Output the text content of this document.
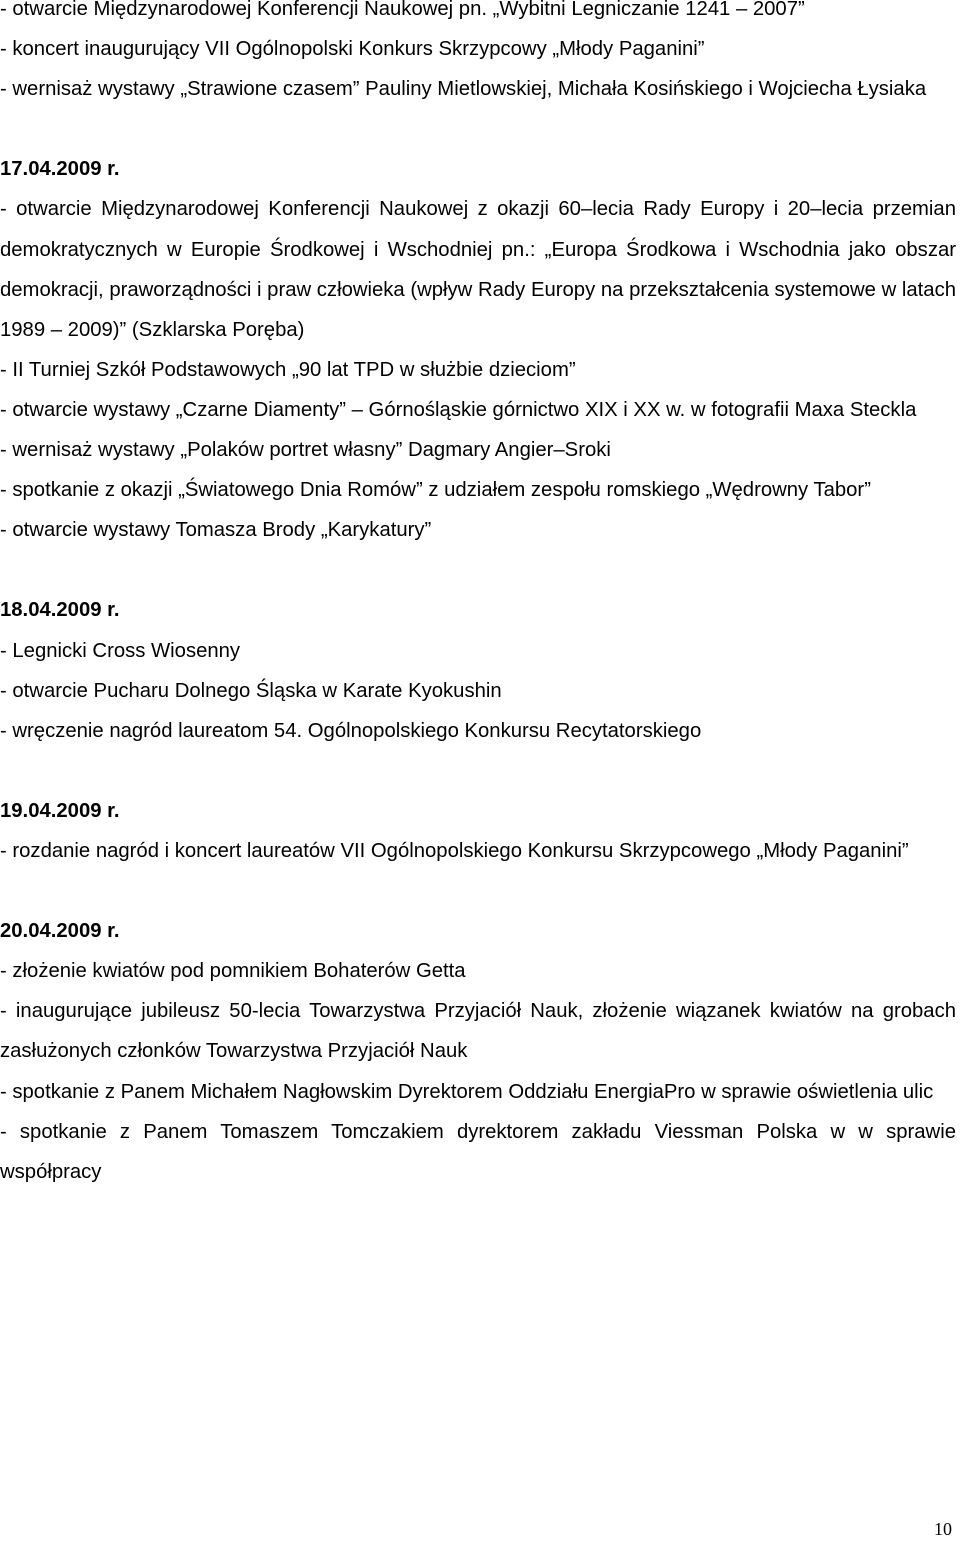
- otwarcie Międzynarodowej Konferencji Naukowej pn. „Wybitni Legniczanie 1241 – 2007”

- koncert inaugurujący VII Ogólnopolski Konkurs Skrzypcowy „Młody Paganini”

- wernisaż wystawy „Strawione czasem” Pauliny Mietlowskiej, Michała Kosińskiego i Wojciecha Łysiaka

17.04.2009 r.

- otwarcie Międzynarodowej Konferencji Naukowej z okazji 60–lecia Rady Europy i 20–lecia przemian demokratycznych w Europie Środkowej i Wschodniej pn.: „Europa Środkowa i Wschodnia jako obszar demokracji, praworządności i praw człowieka (wpływ Rady Europy na przekształcenia systemowe w latach 1989 – 2009)” (Szklarska Poręba)

- II Turniej Szkół Podstawowych „90 lat TPD w służbie dzieciom”

- otwarcie wystawy „Czarne Diamenty” – Górnośląskie górnictwo XIX i XX w. w fotografii Maxa Steckla

- wernisaż wystawy „Polaków portret własny” Dagmary Angier–Sroki

- spotkanie z okazji „Światowego Dnia Romów” z udziałem zespołu romskiego „Wędrowny Tabor”

- otwarcie wystawy Tomasza Brody „Karykatury”

18.04.2009 r.

- Legnicki Cross Wiosenny

- otwarcie Pucharu Dolnego Śląska w Karate Kyokushin

- wręczenie nagród laureatom 54. Ogólnopolskiego Konkursu Recytatorskiego

19.04.2009 r.

- rozdanie nagród i koncert laureatów VII Ogólnopolskiego Konkursu Skrzypcowego „Młody Paganini”

20.04.2009 r.

- złożenie kwiatów pod pomnikiem Bohaterów Getta

- inaugurujące jubileusz 50-lecia Towarzystwa Przyjaciół Nauk, złożenie wiązanek kwiatów na grobach zasłużonych członków Towarzystwa Przyjaciół Nauk

- spotkanie z Panem Michałem Nagłowskim Dyrektorem Oddziału EnergiaPro w sprawie oświetlenia ulic

- spotkanie z Panem Tomaszem Tomczakiem dyrektorem zakładu Viessman Polska w w sprawie współpracy

10
